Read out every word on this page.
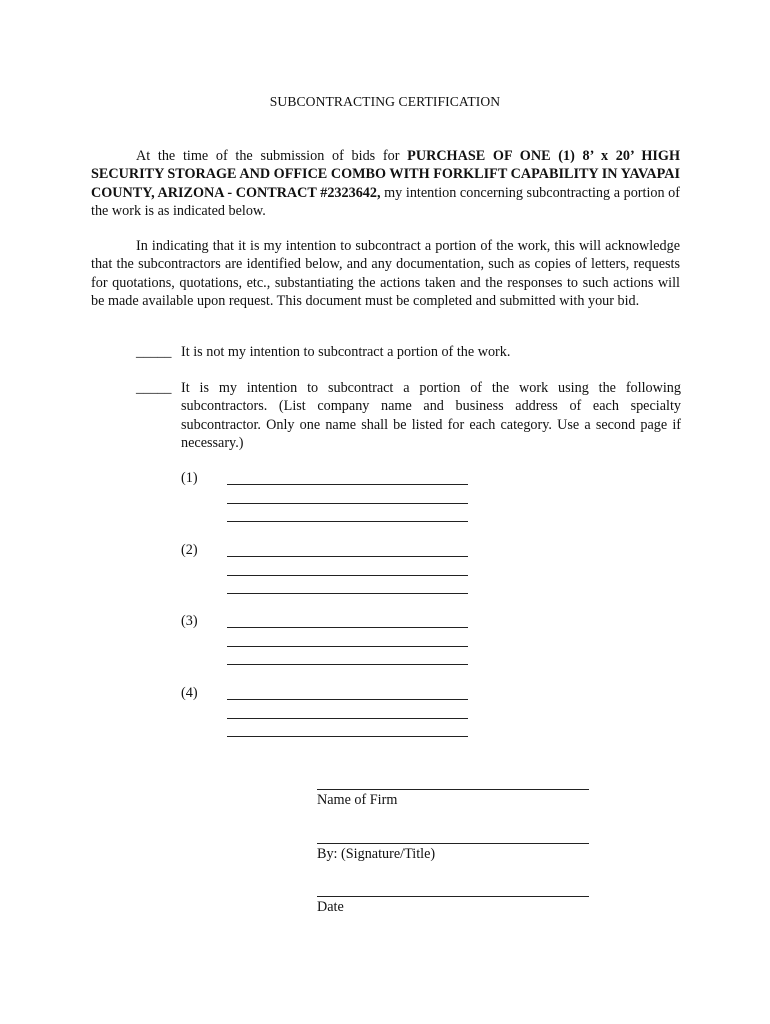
SUBCONTRACTING CERTIFICATION

At the time of the submission of bids for PURCHASE OF ONE (1) 8’ x 20’ HIGH SECURITY STORAGE AND OFFICE COMBO WITH FORKLIFT CAPABILITY IN YAVAPAI COUNTY, ARIZONA - CONTRACT #2323642, my intention concerning subcontracting a portion of the work is as indicated below.

In indicating that it is my intention to subcontract a portion of the work, this will acknowledge that the subcontractors are identified below, and any documentation, such as copies of letters, requests for quotations, quotations, etc., substantiating the actions taken and the responses to such actions will be made available upon request. This document must be completed and submitted with your bid.

_____ It is not my intention to subcontract a portion of the work.
_____ It is my intention to subcontract a portion of the work using the following subcontractors. (List company name and business address of each specialty subcontractor. Only one name shall be listed for each category. Use a second page if necessary.)
(1)
(2)
(3)
(4)
Name of Firm
By: (Signature/Title)
Date
